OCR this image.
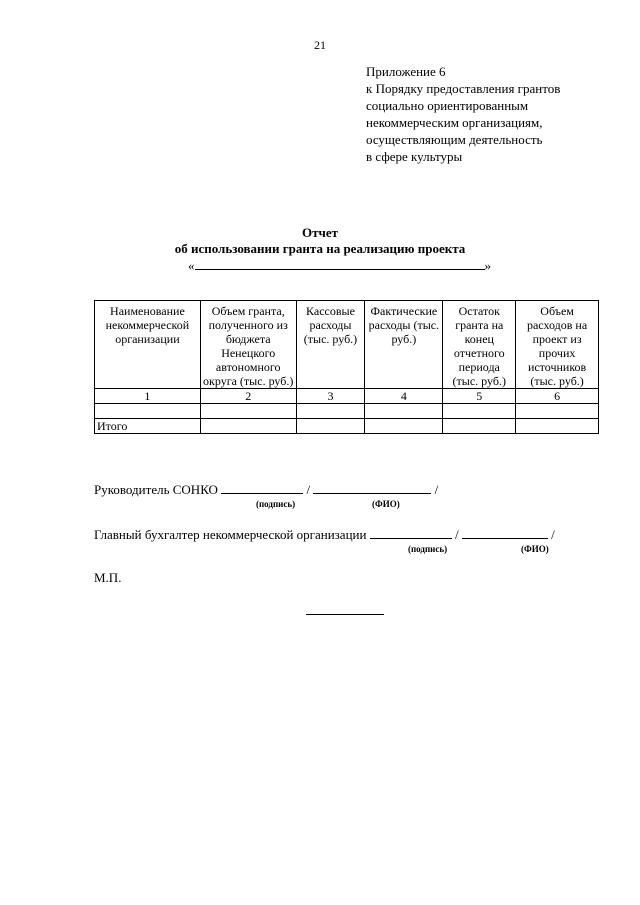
21
Приложение 6
к Порядку предоставления грантов
социально ориентированным
некоммерческим организациям,
осуществляющим деятельность
в сфере культуры
Отчет
об использовании гранта на реализацию проекта
«	»
Наименование некоммерческой организации	Объем гранта, полученного из бюджета Ненецкого автономного округа (тыс. руб.)	Кассовые расходы (тыс. руб.)	Фактические расходы (тыс. руб.)	Остаток гранта на конец отчетного периода (тыс. руб.)	Объем расходов на проект из прочих источников (тыс. руб.)
1	2	3	4	5	6

Итого					
Руководитель СОНКО	/	/
(подпись)	(ФИО)
Главный бухгалтер некоммерческой организации	/	/
(подпись)	(ФИО)
М.П.
